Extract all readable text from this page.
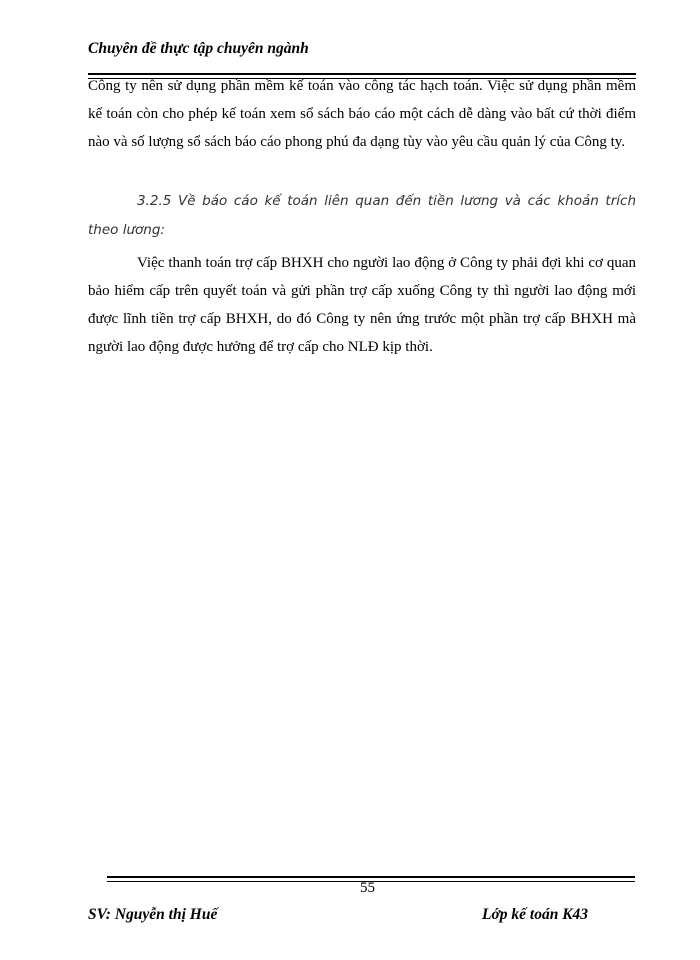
Chuyên đề thực tập chuyên ngành
Công ty nên sử dụng phần mềm kế toán vào công tác hạch toán. Việc sử dụng phần mềm kế toán còn cho phép kế toán xem sổ sách báo cáo một cách dễ dàng vào bất cứ thời điểm nào và số lượng sổ sách báo cáo phong phú đa dạng tùy vào yêu cầu quản lý của Công ty.
3.2.5 Về báo cáo kế toán liên quan đến tiền lương và các khoản trích theo lương:
Việc thanh toán trợ cấp BHXH cho người lao động ở Công ty phải đợi khi cơ quan bảo hiểm cấp trên quyết toán và gửi phần trợ cấp xuống Công ty thì người lao động mới được lĩnh tiền trợ cấp BHXH, do đó Công ty nên ứng trước một phần trợ cấp BHXH mà người lao động được hưởng để trợ cấp cho NLĐ kịp thời.
55
SV: Nguyễn thị Huế	Lớp kế toán K43
